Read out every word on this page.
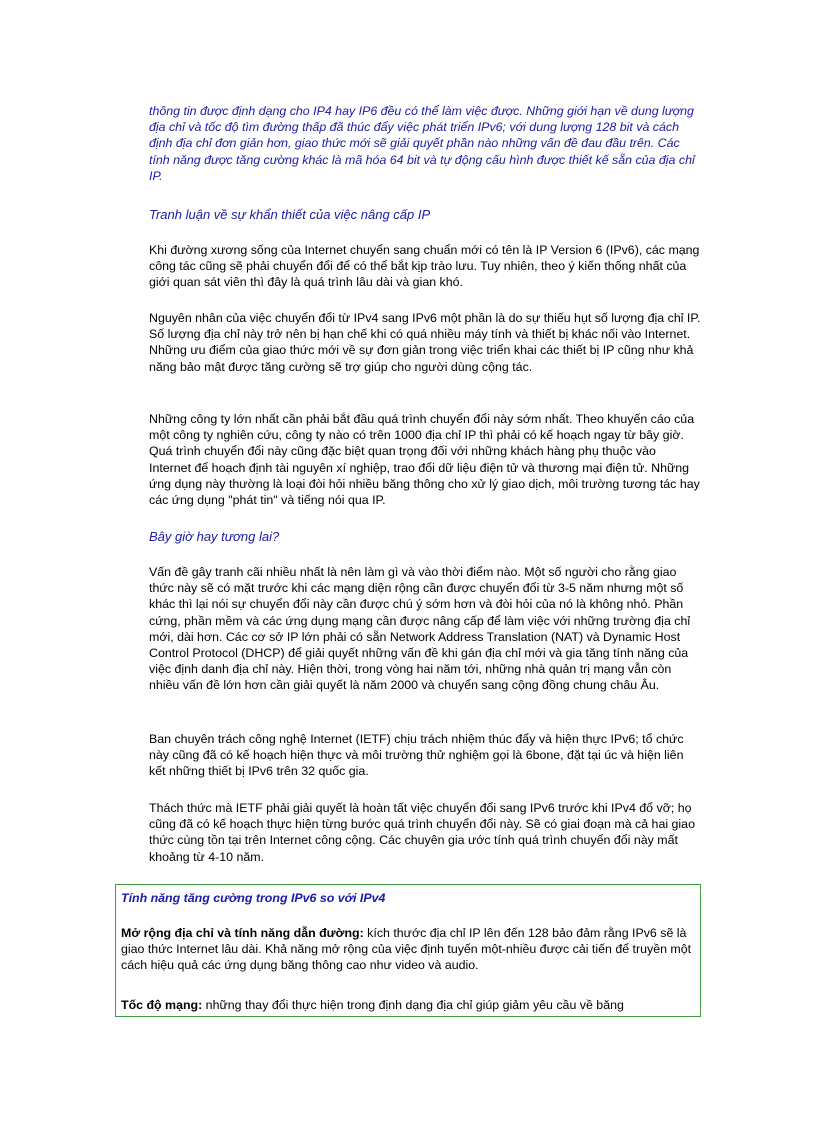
thông tin được định dạng cho IP4 hay IP6 đều có thể làm việc được. Những giới hạn về dung lượng địa chỉ và tốc độ tìm đường thấp đã thúc đẩy việc phát triển IPv6; với dung lượng 128 bit và cách định địa chỉ đơn giản hơn, giao thức mới sẽ giải quyết phần nào những vấn đề đau đầu trên. Các tính năng được tăng cường khác là mã hóa 64 bit và tự động cấu hình được thiết kế sẵn của địa chỉ IP.

Tranh luận về sự khẩn thiết của việc nâng cấp IP

Khi đường xương sống của Internet chuyển sang chuẩn mới có tên là IP Version 6 (IPv6), các mạng công tác cũng sẽ phải chuyển đổi để có thể bắt kịp trào lưu. Tuy nhiên, theo ý kiến thống nhất của giới quan sát viên thì đây là quá trình lâu dài và gian khó.

Nguyên nhân của việc chuyển đổi từ IPv4 sang IPv6 một phần là do sự thiếu hụt số lượng địa chỉ IP. Số lượng địa chỉ này trở nên bị hạn chế khi có quá nhiều máy tính và thiết bị khác nối vào Internet. Những ưu điểm của giao thức mới về sự đơn giản trong việc triển khai các thiết bị IP cũng như khả năng bảo mật được tăng cường sẽ trợ giúp cho người dùng cộng tác.

Những công ty lớn nhất cần phải bắt đầu quá trình chuyển đổi này sớm nhất. Theo khuyến cáo của một công ty nghiên cứu, công ty nào có trên 1000 địa chỉ IP thì phải có kế hoạch ngay từ bây giờ. Quá trình chuyển đổi này cũng đặc biệt quan trọng đối với những khách hàng phụ thuộc vào Internet để hoạch định tài nguyên xí nghiệp, trao đổi dữ liệu điện tử và thương mại điện tử. Những ứng dụng này thường là loại đòi hỏi nhiều băng thông cho xử lý giao dịch, môi trường tương tác hay các ứng dụng "phát tin" và tiếng nói qua IP.

Bây giờ hay tương lai?

Vấn đề gây tranh cãi nhiều nhất là nên làm gì và vào thời điểm nào. Một số người cho rằng giao thức này sẽ có mặt trước khi các mạng diện rộng cần được chuyển đổi từ 3-5 năm nhưng một số khác thì lại nói sự chuyển đổi này cần được chú ý sớm hơn và đòi hỏi của nó là không nhỏ. Phần cứng, phần mềm và các ứng dụng mạng cần được nâng cấp để làm việc với những trường địa chỉ mới, dài hơn. Các cơ sở IP lớn phải có sẵn Network Address Translation (NAT) và Dynamic Host Control Protocol (DHCP) để giải quyết những vấn đề khi gán địa chỉ mới và gia tăng tính năng của việc định danh địa chỉ này. Hiện thời, trong vòng hai năm tới, những nhà quản trị mạng vẫn còn nhiều vấn đề lớn hơn cần giải quyết là năm 2000 và chuyển sang cộng đồng chung châu Âu.

Ban chuyên trách công nghệ Internet (IETF) chịu trách nhiệm thúc đẩy và hiện thực IPv6; tổ chức này cũng đã có kế hoạch hiện thực và môi trường thử nghiệm gọi là 6bone, đặt tại úc và hiện liên kết những thiết bị IPv6 trên 32 quốc gia.

Thách thức mà IETF phải giải quyết là hoàn tất việc chuyển đổi sang IPv6 trước khi IPv4 đổ vỡ; họ cũng đã có kế hoạch thực hiện từng bước quá trình chuyển đổi này. Sẽ có giai đoạn mà cả hai giao thức cùng tồn tại trên Internet công cộng. Các chuyên gia ước tính quá trình chuyển đổi này mất khoảng từ 4-10 năm.

Tính năng tăng cường trong IPv6 so với IPv4

Mở rộng địa chỉ và tính năng dẫn đường: kích thước địa chỉ IP lên đến 128 bảo đảm rằng IPv6 sẽ là giao thức Internet lâu dài. Khả năng mở rộng của việc định tuyến một-nhiều được cải tiến để truyền một cách hiệu quả các ứng dụng băng thông cao như video và audio.

Tốc độ mạng: những thay đổi thực hiện trong định dạng địa chỉ giúp giảm yêu cầu về băng
